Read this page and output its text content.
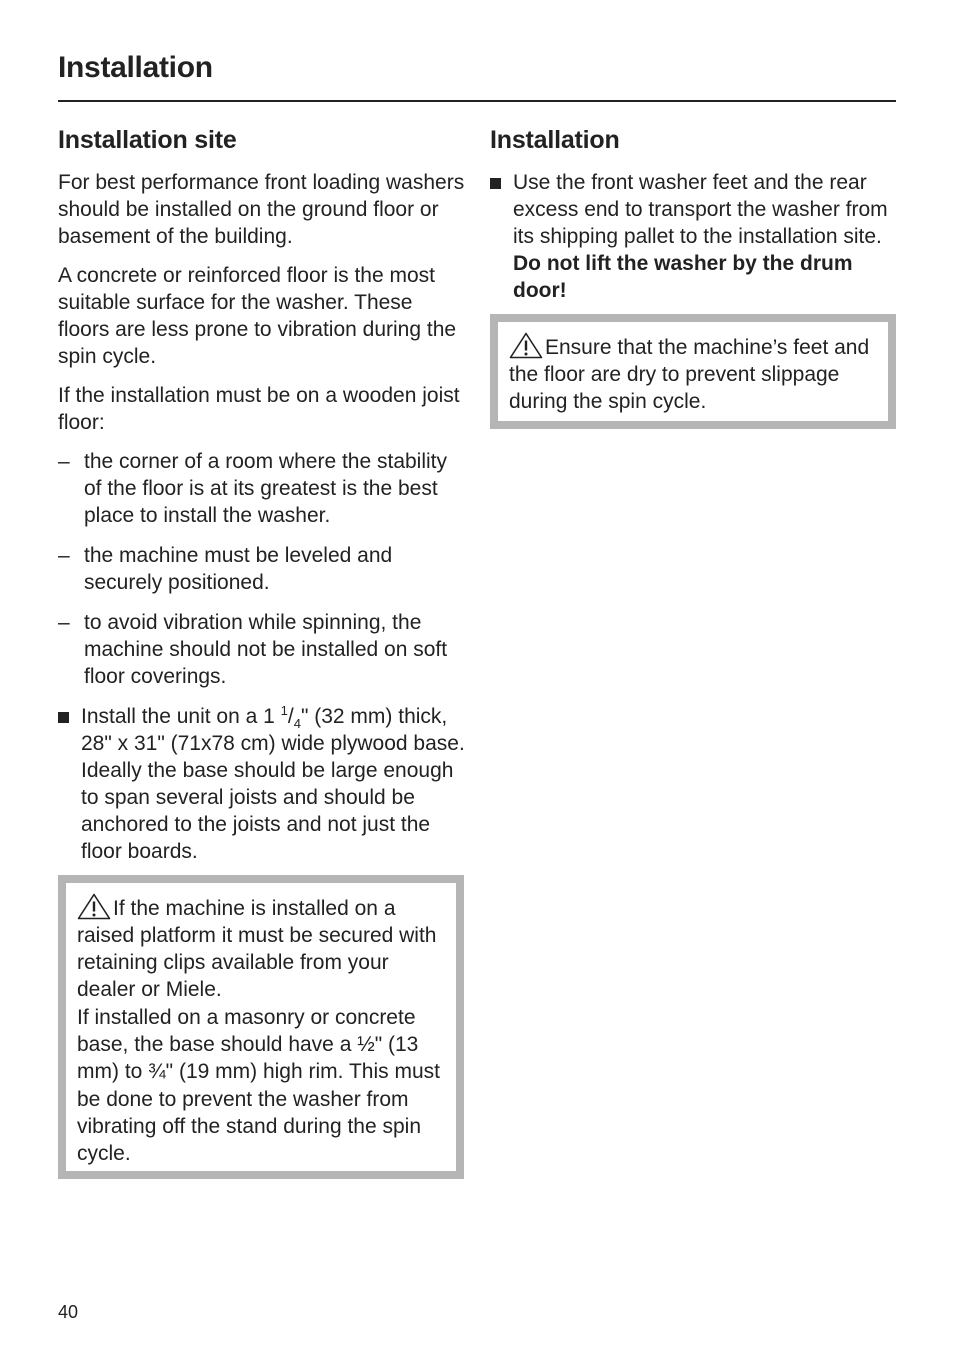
Installation
Installation site

For best performance front loading washers should be installed on the ground floor or basement of the building.

A concrete or reinforced floor is the most suitable surface for the washer. These floors are less prone to vibration during the spin cycle.

If the installation must be on a wooden joist floor:

– the corner of a room where the stability of the floor is at its greatest is the best place to install the washer.
– the machine must be leveled and securely positioned.
– to avoid vibration while spinning, the machine should not be installed on soft floor coverings.
Install the unit on a 1 $^1/_4$" (32 mm) thick, 28" x 31" (71x78 cm) wide plywood base. Ideally the base should be large enough to span several joists and should be anchored to the joists and not just the floor boards.
If the machine is installed on a raised platform it must be secured with retaining clips available from your dealer or Miele.
If installed on a masonry or concrete base, the base should have a ½" (13 mm) to ¾" (19 mm) high rim. This must be done to prevent the washer from vibrating off the stand during the spin cycle.
Installation
Use the front washer feet and the rear excess end to transport the washer from its shipping pallet to the installation site.
Do not lift the washer by the drum door!
Ensure that the machine’s feet and the floor are dry to prevent slippage during the spin cycle.
40
